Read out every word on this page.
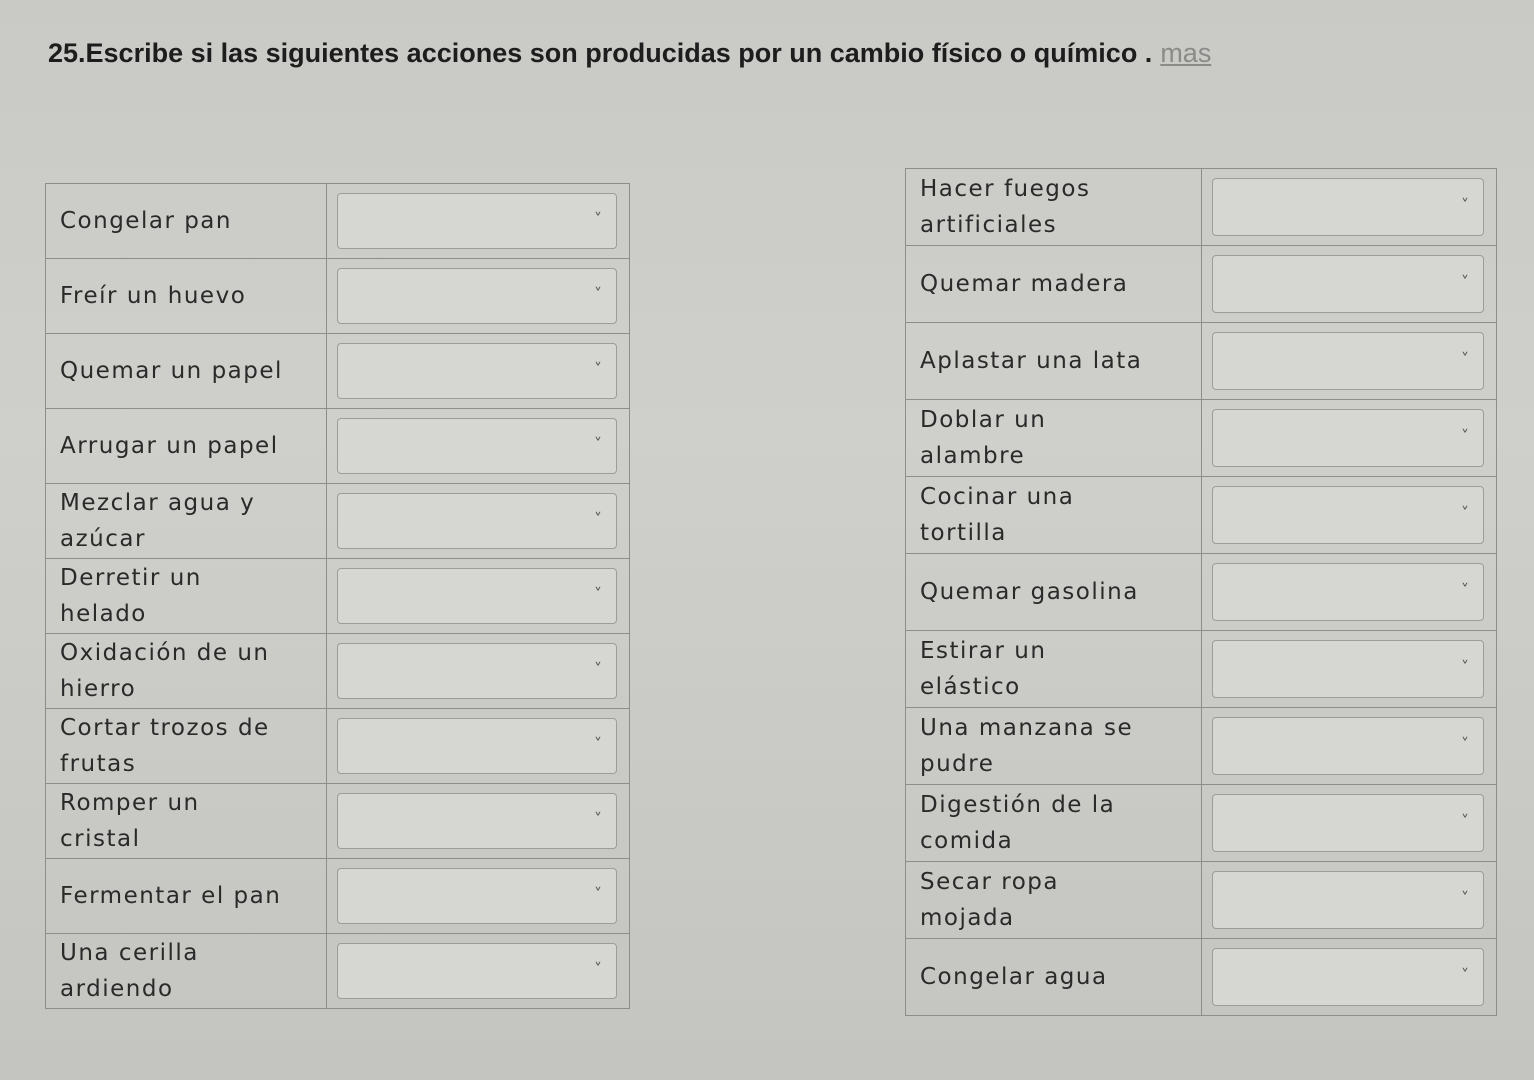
25.Escribe si las siguientes acciones son producidas por un cambio físico o químico . mas
Congelar pan	˅

Freír un huevo	˅

Quemar un papel	˅

Arrugar un papel	˅

Mezclar agua y
azúcar	˅

Derretir un
helado	˅

Oxidación de un
hierro	˅

Cortar trozos de
frutas	˅

Romper un
cristal	˅

Fermentar el pan	˅

Una cerilla
ardiendo	˅
Hacer fuegos
artificiales	˅

Quemar madera	˅

Aplastar una lata	˅

Doblar un
alambre	˅

Cocinar una
tortilla	˅

Quemar gasolina	˅

Estirar un
elástico	˅

Una manzana se
pudre	˅

Digestión de la
comida	˅

Secar ropa
mojada	˅

Congelar agua	˅
